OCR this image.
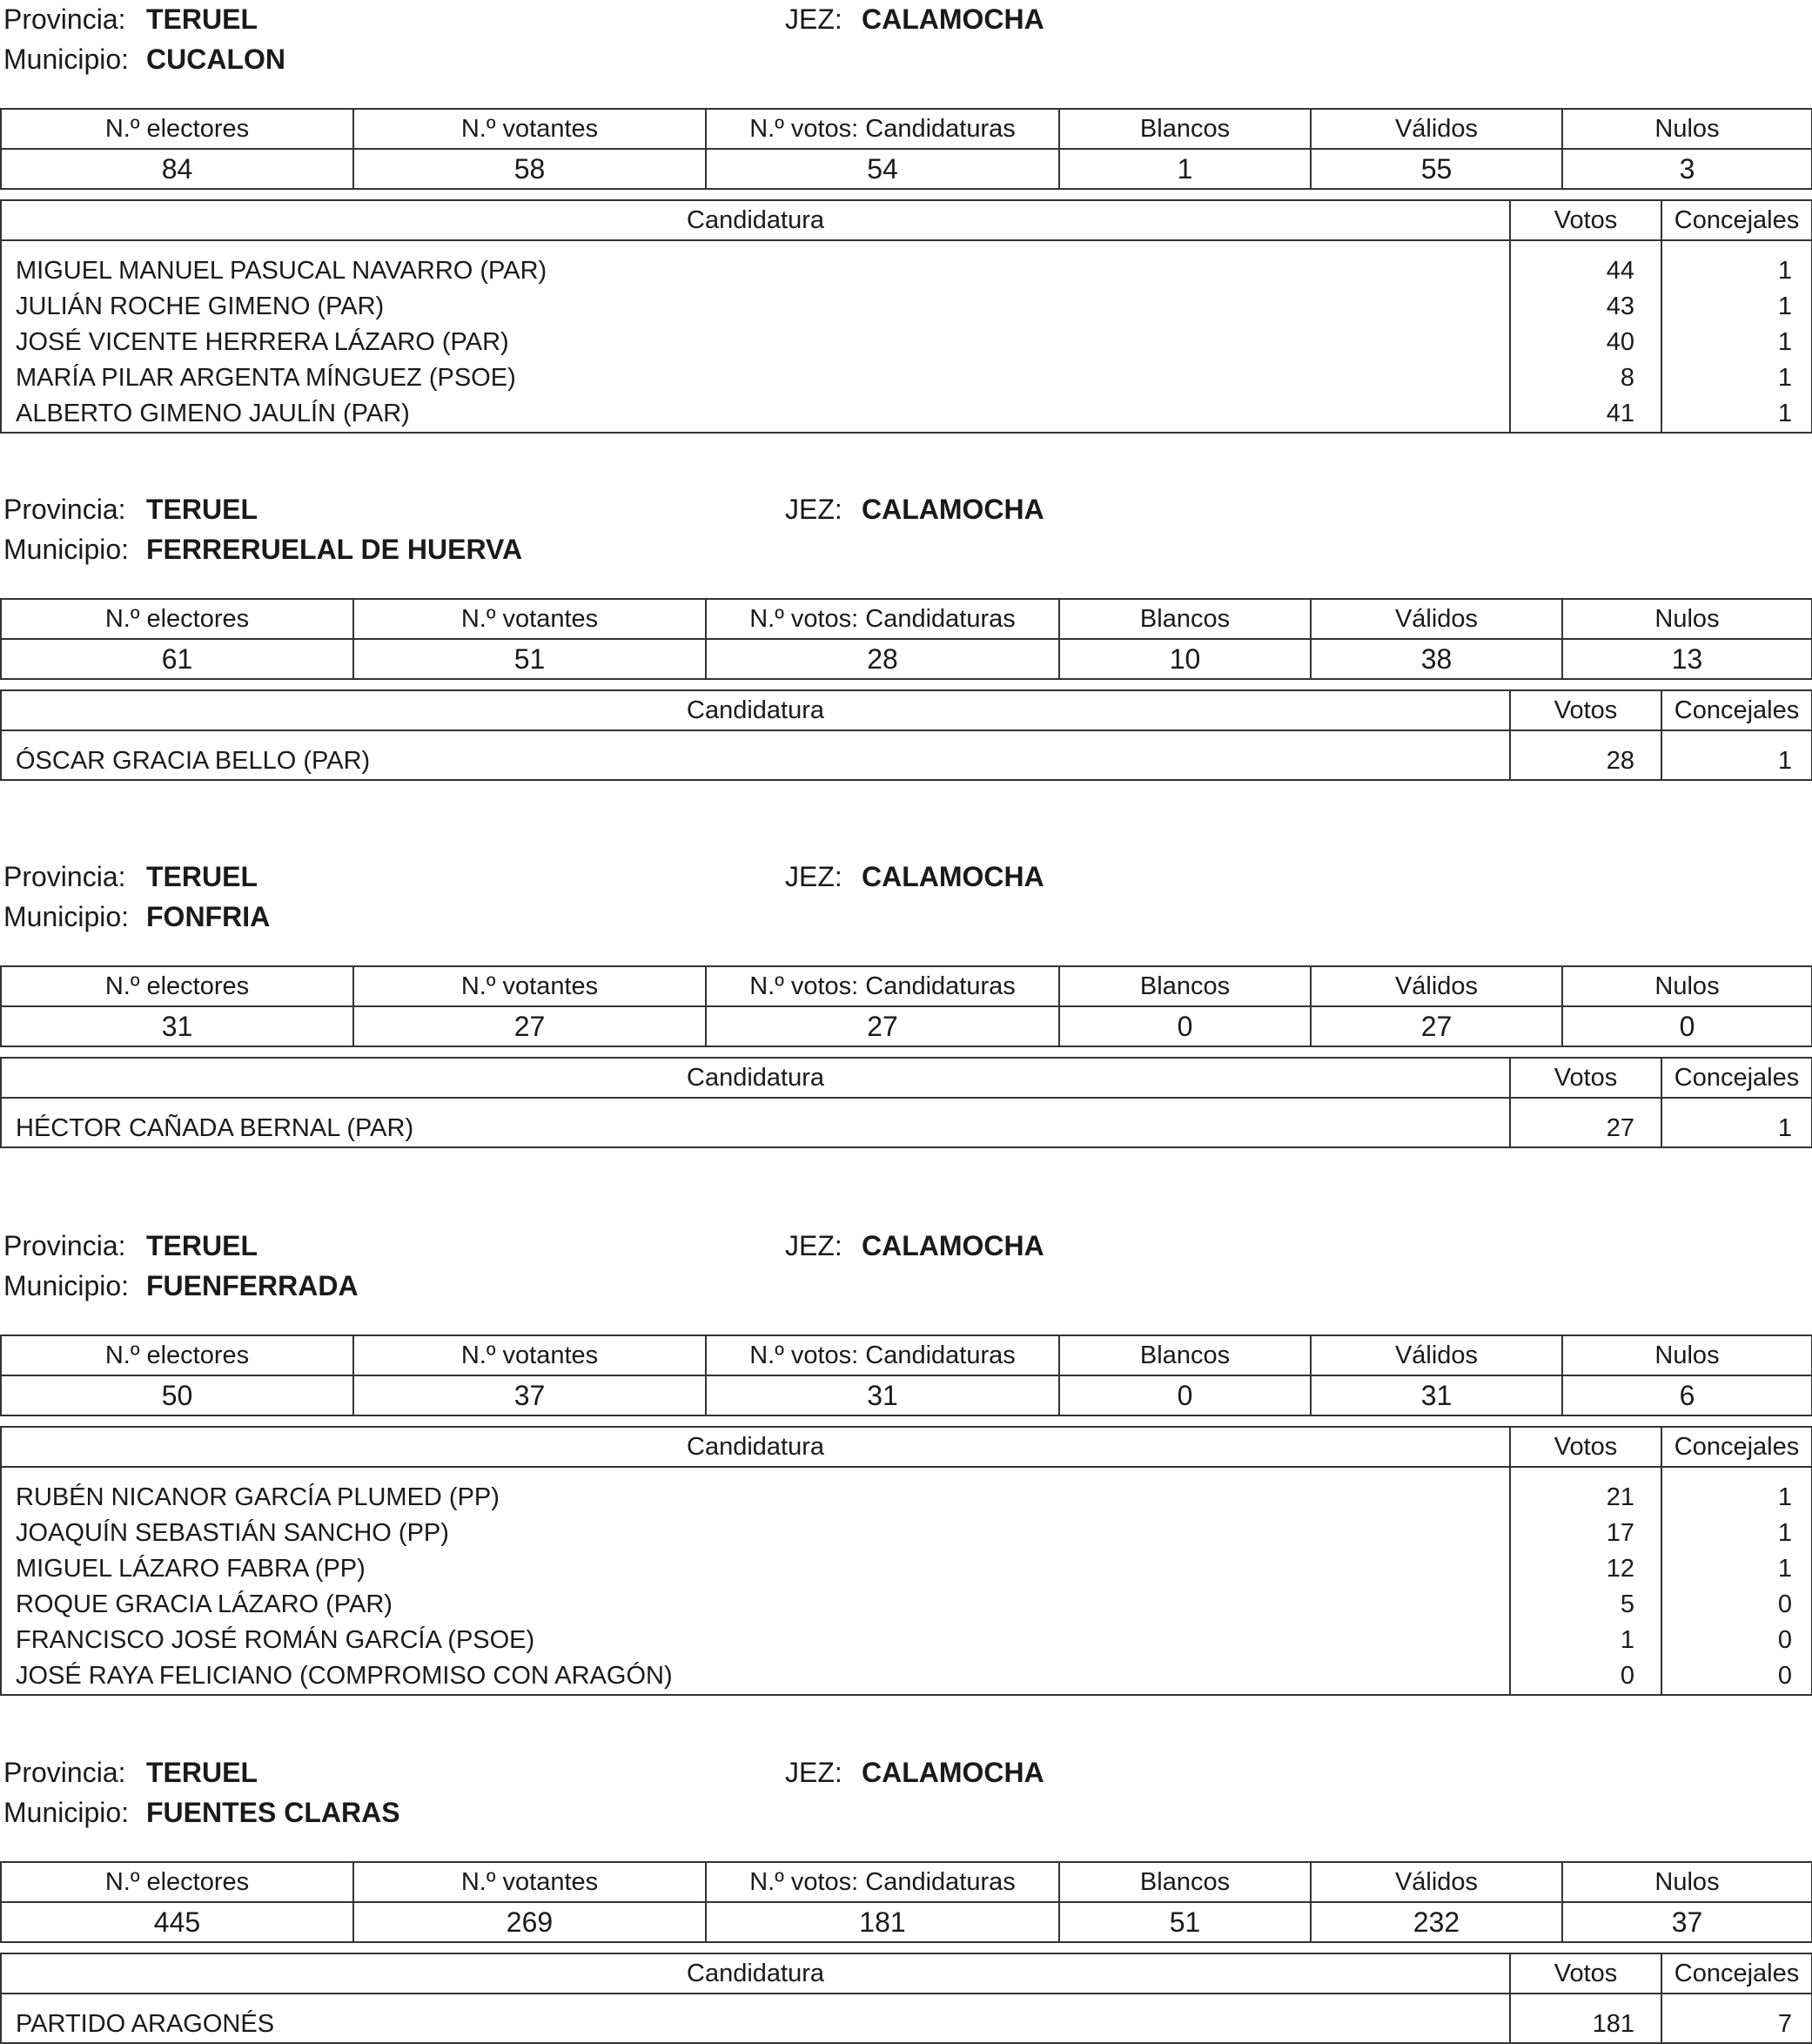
Provincia: TERUEL	JEZ: CALAMOCHA
Municipio: CUCALON
N.º electores	N.º votantes	N.º votos: Candidaturas	Blancos	Válidos	Nulos
84	58	54	1	55	3
Candidatura	Votos	Concejales
MIGUEL MANUEL PASUCAL NAVARRO (PAR)	44	1
JULIÁN ROCHE GIMENO (PAR)	43	1
JOSÉ VICENTE HERRERA LÁZARO (PAR)	40	1
MARÍA PILAR ARGENTA MÍNGUEZ (PSOE)	8	1
ALBERTO GIMENO JAULÍN (PAR)	41	1
Provincia: TERUEL	JEZ: CALAMOCHA
Municipio: FERRERUELAL DE HUERVA
N.º electores	N.º votantes	N.º votos: Candidaturas	Blancos	Válidos	Nulos
61	51	28	10	38	13
Candidatura	Votos	Concejales
ÓSCAR GRACIA BELLO (PAR)	28	1
Provincia: TERUEL	JEZ: CALAMOCHA
Municipio: FONFRIA
N.º electores	N.º votantes	N.º votos: Candidaturas	Blancos	Válidos	Nulos
31	27	27	0	27	0
Candidatura	Votos	Concejales
HÉCTOR CAÑADA BERNAL (PAR)	27	1
Provincia: TERUEL	JEZ: CALAMOCHA
Municipio: FUENFERRADA
N.º electores	N.º votantes	N.º votos: Candidaturas	Blancos	Válidos	Nulos
50	37	31	0	31	6
Candidatura	Votos	Concejales
RUBÉN NICANOR GARCÍA PLUMED (PP)	21	1
JOAQUÍN SEBASTIÁN SANCHO (PP)	17	1
MIGUEL LÁZARO FABRA (PP)	12	1
ROQUE GRACIA LÁZARO (PAR)	5	0
FRANCISCO JOSÉ ROMÁN GARCÍA (PSOE)	1	0
JOSÉ RAYA FELICIANO (COMPROMISO CON ARAGÓN)	0	0
Provincia: TERUEL	JEZ: CALAMOCHA
Municipio: FUENTES CLARAS
N.º electores	N.º votantes	N.º votos: Candidaturas	Blancos	Válidos	Nulos
445	269	181	51	232	37
Candidatura	Votos	Concejales
PARTIDO ARAGONÉS	181	7
